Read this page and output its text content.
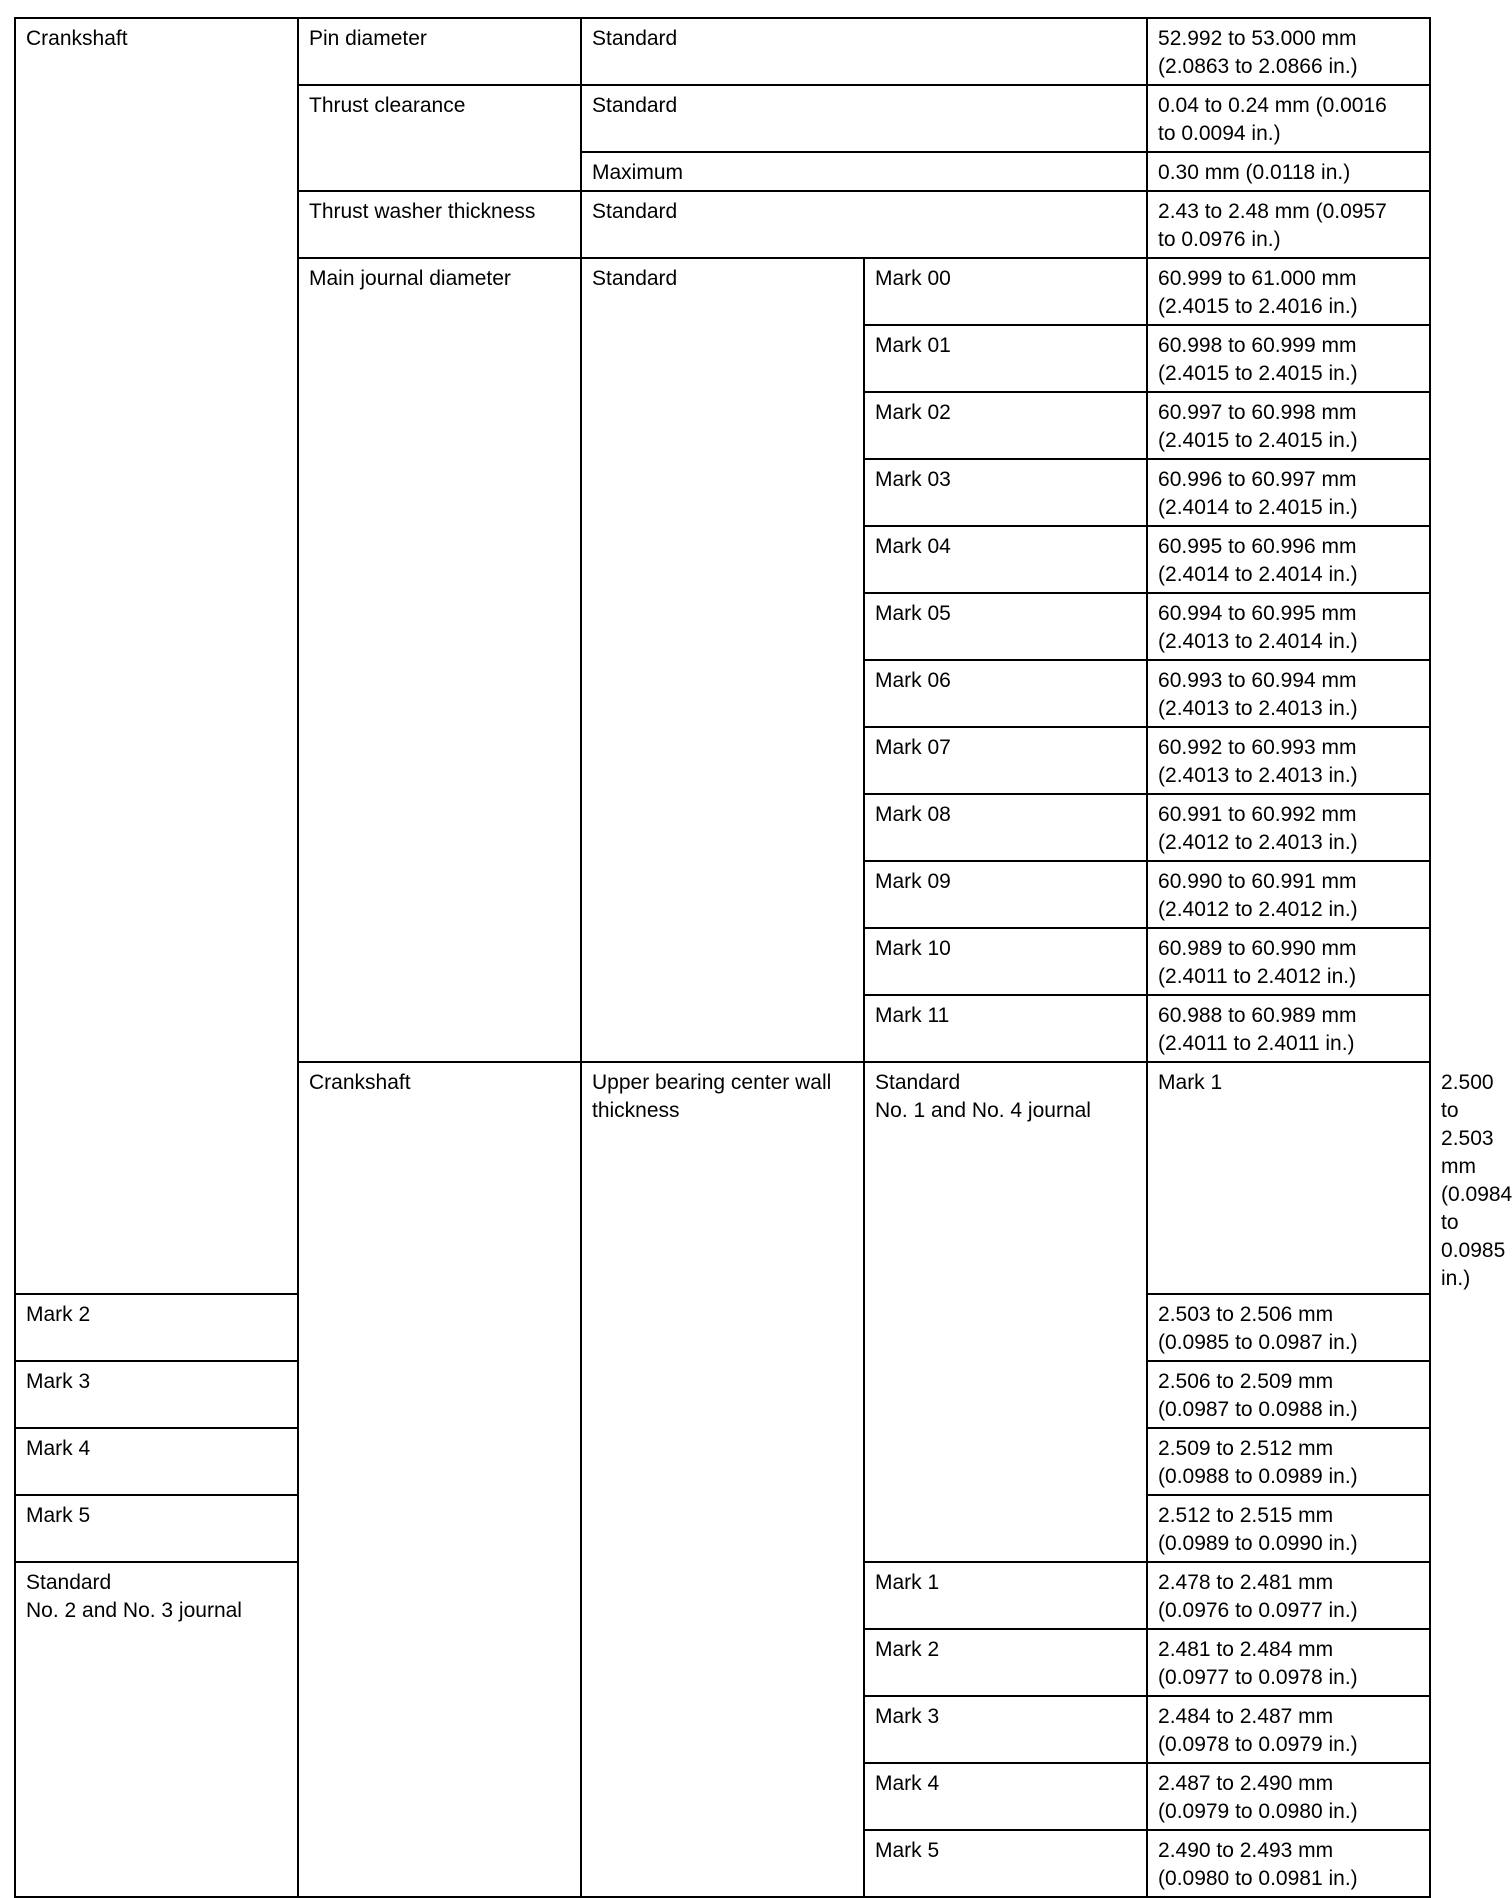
Crankshaft	Pin diameter	Standard		52.992 to 53.000 mm
(2.0863 to 2.0866 in.)	

	Thrust clearance	Standard		0.04 to 0.24 mm (0.0016
to 0.0094 in.)	

		Maximum		0.30 mm (0.0118 in.)	
	Thrust washer thickness	Standard		2.43 to 2.48 mm (0.0957
to 0.0976 in.)	

	Main journal diameter	Standard	Mark 00	60.999 to 61.000 mm
(2.4015 to 2.4016 in.)	

			Mark 01	60.998 to 60.999 mm
(2.4015 to 2.4015 in.)	

			Mark 02	60.997 to 60.998 mm
(2.4015 to 2.4015 in.)	

			Mark 03	60.996 to 60.997 mm
(2.4014 to 2.4015 in.)	

			Mark 04	60.995 to 60.996 mm
(2.4014 to 2.4014 in.)	

			Mark 05	60.994 to 60.995 mm
(2.4013 to 2.4014 in.)	

			Mark 06	60.993 to 60.994 mm
(2.4013 to 2.4013 in.)	

			Mark 07	60.992 to 60.993 mm
(2.4013 to 2.4013 in.)	

			Mark 08	60.991 to 60.992 mm
(2.4012 to 2.4013 in.)	

			Mark 09	60.990 to 60.991 mm
(2.4012 to 2.4012 in.)	

			Mark 10	60.989 to 60.990 mm
(2.4011 to 2.4012 in.)	

			Mark 11	60.988 to 60.989 mm
(2.4011 to 2.4011 in.)	

	Crankshaft	Upper bearing center wall thickness	Standard
No. 1 and No. 4 journal	Mark 1	2.500 to 2.503 mm
(0.0984 to 0.0985 in.)

Mark 2				2.503 to 2.506 mm
(0.0985 to 0.0987 in.)	

Mark 3				2.506 to 2.509 mm
(0.0987 to 0.0988 in.)	

Mark 4				2.509 to 2.512 mm
(0.0988 to 0.0989 in.)	

Mark 5				2.512 to 2.515 mm
(0.0989 to 0.0990 in.)	

Standard
No. 2 and No. 3 journal			Mark 1	2.478 to 2.481 mm
(0.0976 to 0.0977 in.)	

			Mark 2	2.481 to 2.484 mm
(0.0977 to 0.0978 in.)	

			Mark 3	2.484 to 2.487 mm
(0.0978 to 0.0979 in.)	

			Mark 4	2.487 to 2.490 mm
(0.0979 to 0.0980 in.)	

			Mark 5	2.490 to 2.493 mm
(0.0980 to 0.0981 in.)	
